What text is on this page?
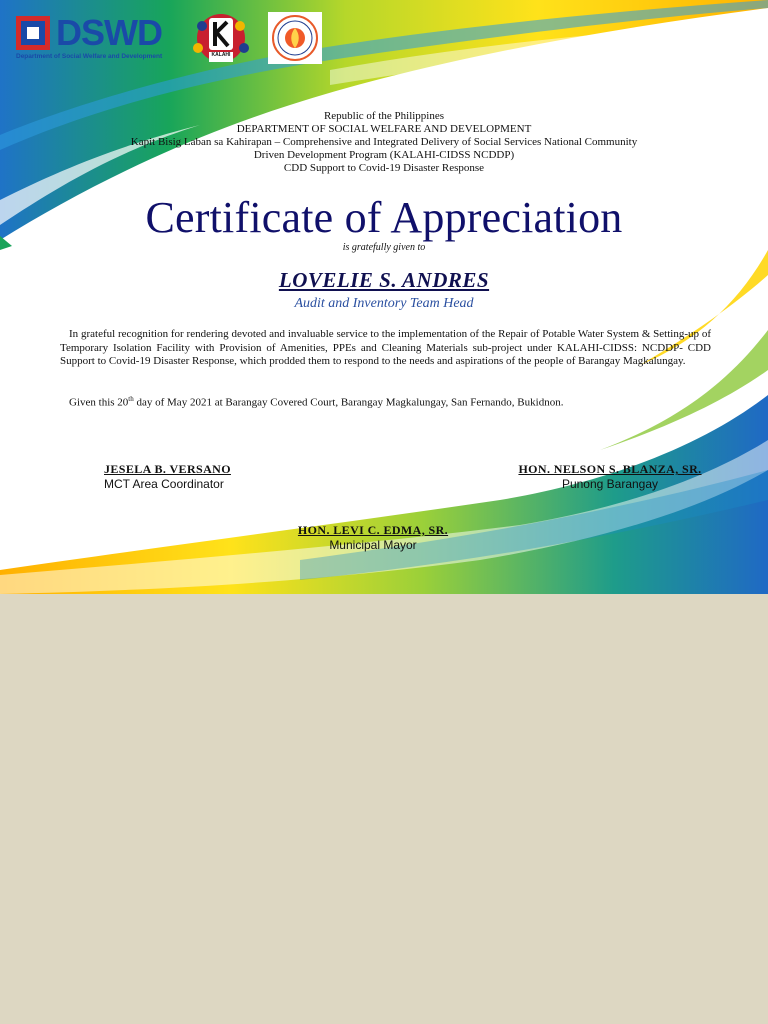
DSWD
Department of Social Welfare and Development	KALAHI
Republic of the Philippines
DEPARTMENT OF SOCIAL WELFARE AND DEVELOPMENT
Kapit Bisig Laban sa Kahirapan – Comprehensive and Integrated Delivery of Social Services National Community
Driven Development Program (KALAHI-CIDSS NCDDP)
CDD Support to Covid-19 Disaster Response
Certificate of Appreciation
is gratefully given to
LOVELIE S. ANDRES
Audit and Inventory Team Head

In grateful recognition for rendering devoted and invaluable service to the implementation of the Repair of Potable Water System & Setting-up of Temporary Isolation Facility with Provision of Amenities, PPEs and Cleaning Materials sub-project under KALAHI-CIDSS: NCDDP- CDD Support to Covid-19 Disaster Response, which prodded them to respond to the needs and aspirations of the people of Barangay Magkalungay.

Given this 20th day of May 2021 at Barangay Covered Court, Barangay Magkalungay, San Fernando, Bukidnon.
JESELA B. VERSANO
MCT Area Coordinator
HON. NELSON S. BLANZA, SR.
Punong Barangay
HON. LEVI C. EDMA, SR.
Municipal Mayor
